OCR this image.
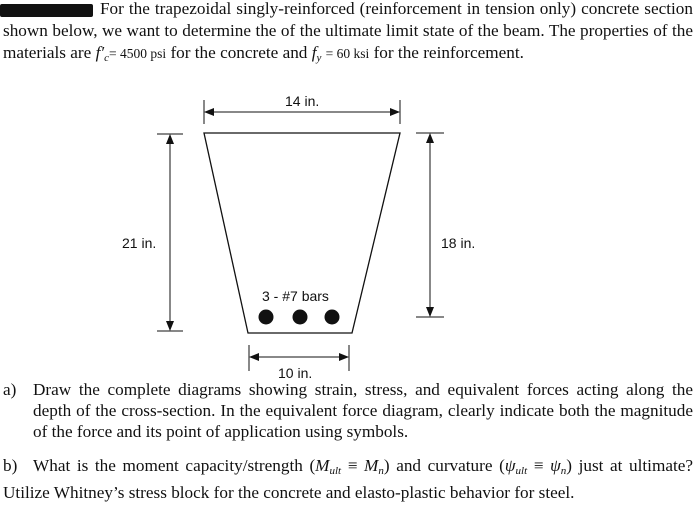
For the trapezoidal singly-reinforced (reinforcement in tension only) concrete section shown below, we want to determine the of the ultimate limit state of the beam. The properties of the materials are $f'_c= 4500$ psi for the concrete and $f_y = 60$ ksi for the reinforcement.
14 in.
21 in.	18 in.
3 - #7 bars
10 in.
a) Draw the complete diagrams showing strain, stress, and equivalent forces acting along the depth of the cross-section. In the equivalent force diagram, clearly indicate both the magnitude of the force and its point of application using symbols.
b) What is the moment capacity/strength $(M_{ult} \equiv M_n)$ and curvature $(\psi_{ult} \equiv \psi_n)$ just at ultimate? Utilize Whitney’s stress block for the concrete and elasto-plastic behavior for steel.
